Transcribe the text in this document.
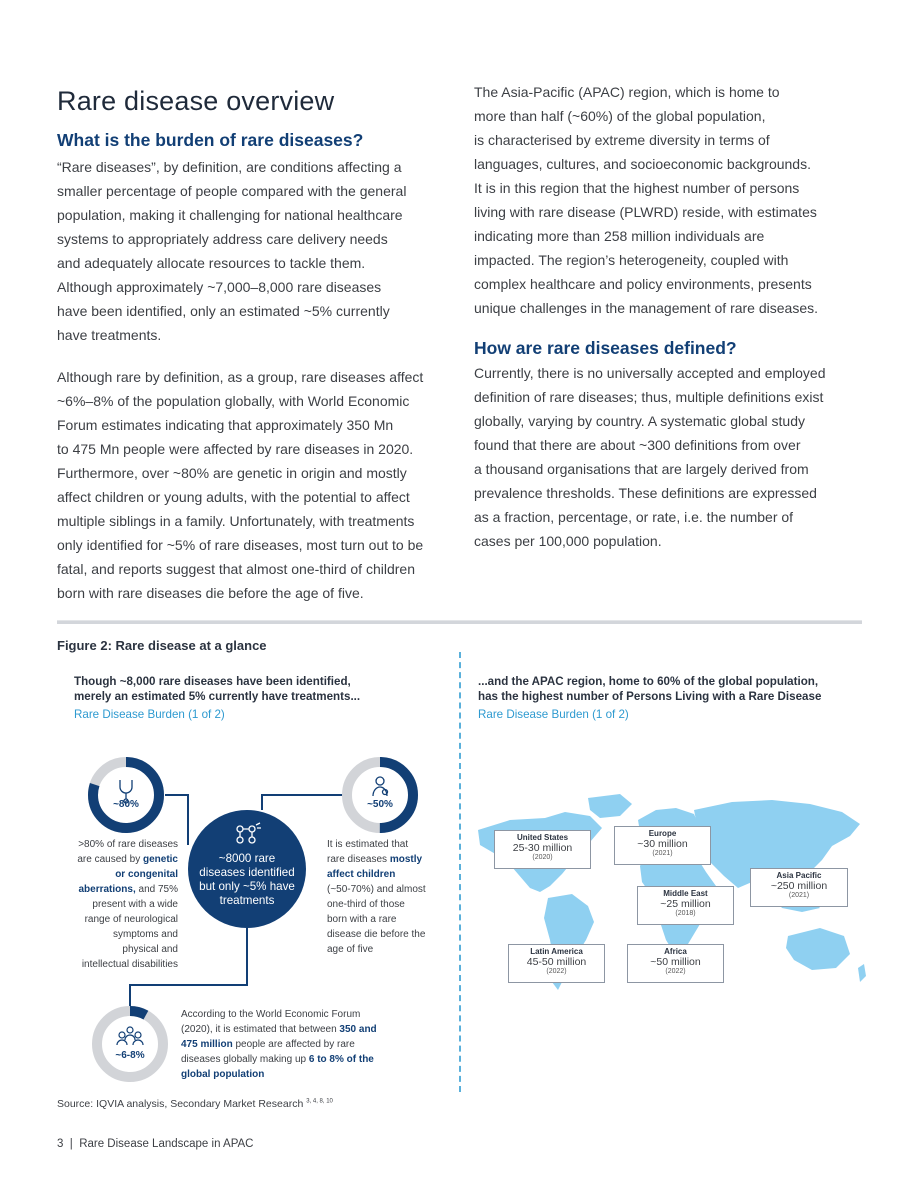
Rare disease overview
What is the burden of rare diseases?
“Rare diseases”, by definition, are conditions affecting a
smaller percentage of people compared with the general
population, making it challenging for national healthcare
systems to appropriately address care delivery needs
and adequately allocate resources to tackle them.
Although approximately ~7,000–8,000 rare diseases
have been identified, only an estimated ~5% currently
have treatments.
Although rare by definition, as a group, rare diseases affect
~6%–8% of the population globally, with World Economic
Forum estimates indicating that approximately 350 Mn
to 475 Mn people were affected by rare diseases in 2020.
Furthermore, over ~80% are genetic in origin and mostly
affect children or young adults, with the potential to affect
multiple siblings in a family. Unfortunately, with treatments
only identified for ~5% of rare diseases, most turn out to be
fatal, and reports suggest that almost one-third of children
born with rare diseases die before the age of five.
The Asia-Pacific (APAC) region, which is home to
more than half (~60%) of the global population,
is characterised by extreme diversity in terms of
languages, cultures, and socioeconomic backgrounds.
It is in this region that the highest number of persons
living with rare disease (PLWRD) reside, with estimates
indicating more than 258 million individuals are
impacted. The region’s heterogeneity, coupled with
complex healthcare and policy environments, presents
unique challenges in the management of rare diseases.
How are rare diseases defined?
Currently, there is no universally accepted and employed
definition of rare diseases; thus, multiple definitions exist
globally, varying by country. A systematic global study
found that there are about ~300 definitions from over
a thousand organisations that are largely derived from
prevalence thresholds. These definitions are expressed
as a fraction, percentage, or rate, i.e. the number of
cases per 100,000 population.
Figure 2: Rare disease at a glance
Though ~8,000 rare diseases have been identified,
merely an estimated 5% currently have treatments...
Rare Disease Burden (1 of 2)
...and the APAC region, home to 60% of the global population,
has the highest number of Persons Living with a Rare Disease
Rare Disease Burden (1 of 2)
~80%	~50%
~6-8%
~8000 rare
diseases identified
but only ~5% have
treatments
>80% of rare diseases
are caused by genetic
or congenital
aberrations, and 75%
present with a wide
range of neurological
symptoms and
physical and
intellectual disabilities
It is estimated that
rare diseases mostly
affect children
(~50-70%) and almost
one-third of those
born with a rare
disease die before the
age of five
According to the World Economic Forum
(2020), it is estimated that between 350 and
475 million people are affected by rare
diseases globally making up 6 to 8% of the
global population
United States
25-30 million
(2020)
Europe
~30 million
(2021)
Middle East
~25 million
(2018)
Asia Pacific
~250 million
(2021)
Latin America
45-50 million
(2022)
Africa
~50 million
(2022)
Source: IQVIA analysis, Secondary Market Research $^{3, 4, 8, 10}$
3 | Rare Disease Landscape in APAC
